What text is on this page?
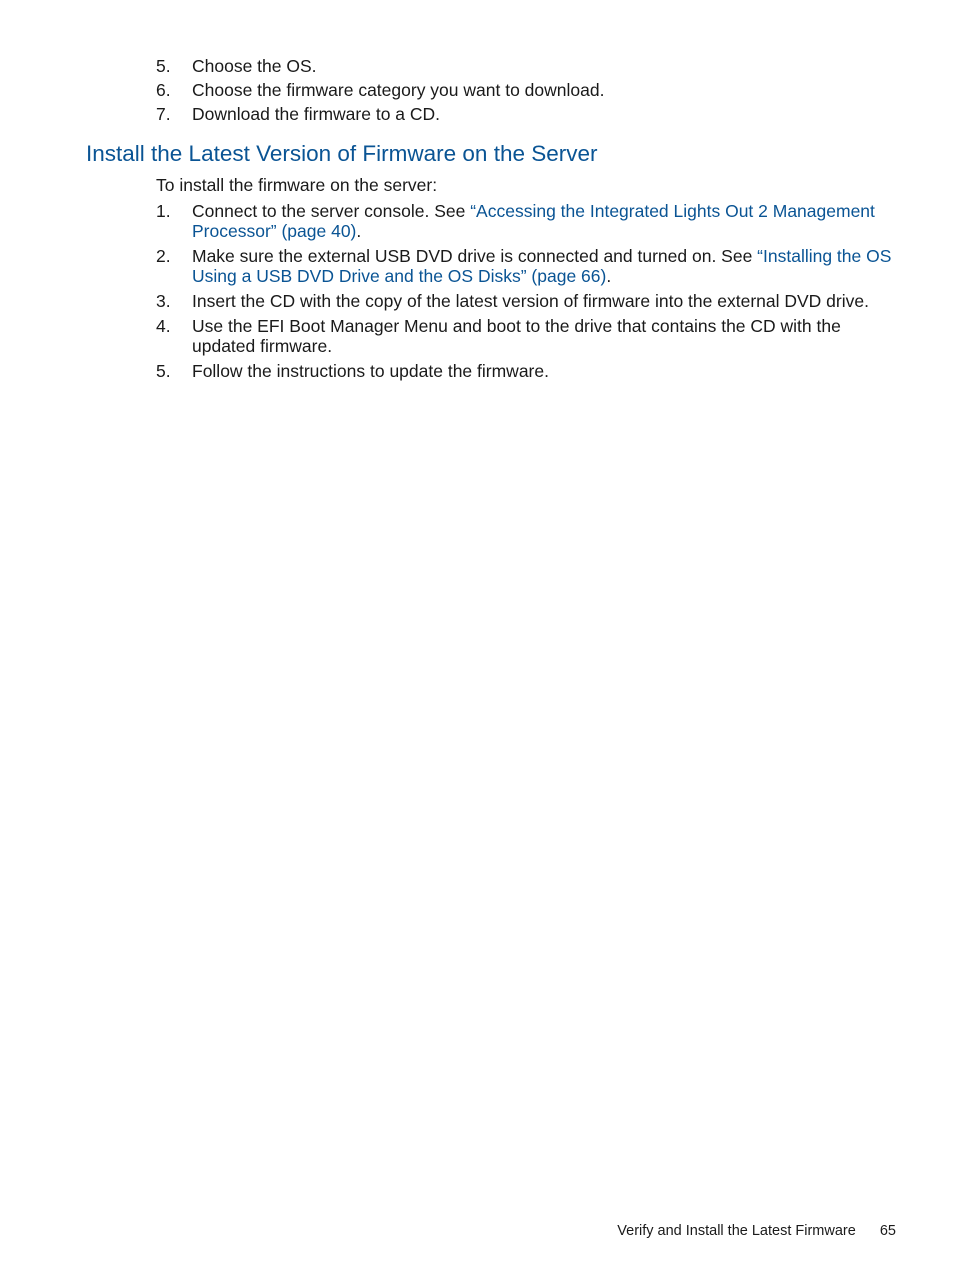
5. Choose the OS.
6. Choose the firmware category you want to download.
7. Download the firmware to a CD.
Install the Latest Version of Firmware on the Server

To install the firmware on the server:

1. Connect to the server console. See “Accessing the Integrated Lights Out 2 Management Processor” (page 40).
2. Make sure the external USB DVD drive is connected and turned on. See “Installing the OS Using a USB DVD Drive and the OS Disks” (page 66).
3. Insert the CD with the copy of the latest version of firmware into the external DVD drive.
4. Use the EFI Boot Manager Menu and boot to the drive that contains the CD with the updated firmware.
5. Follow the instructions to update the firmware.
Verify and Install the Latest Firmware 65
